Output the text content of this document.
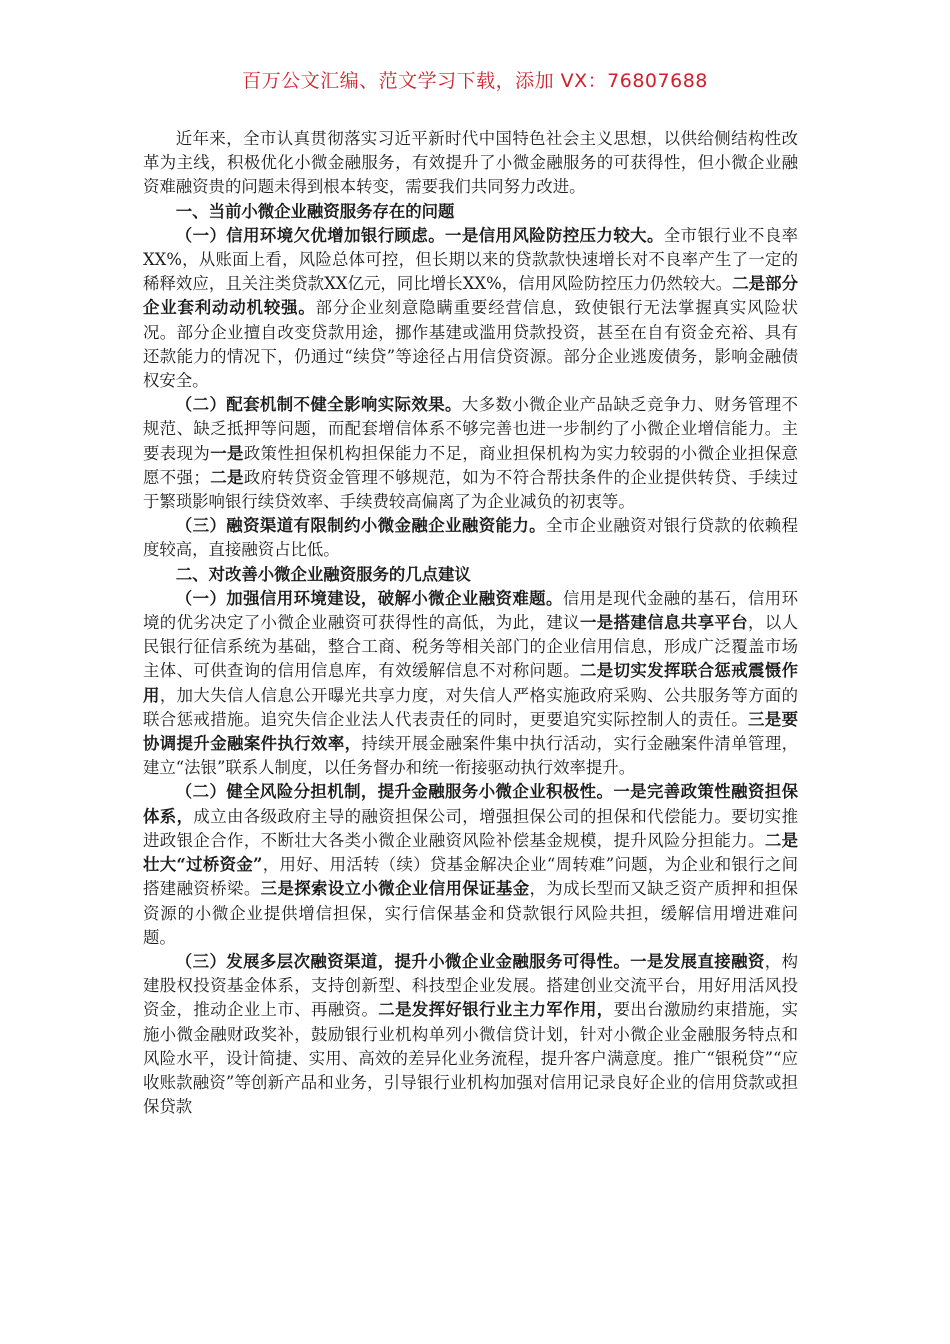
百万公文汇编、范文学习下载，添加 VX：76807688

近年来，全市认真贯彻落实习近平新时代中国特色社会主义思想，以供给侧结构性改革为主线，积极优化小微金融服务，有效提升了小微金融服务的可获得性，但小微企业融资难融资贵的问题未得到根本转变，需要我们共同努力改进。

一、当前小微企业融资服务存在的问题

（一）信用环境欠优增加银行顾虑。一是信用风险防控压力较大。全市银行业不良率XX%，从账面上看，风险总体可控，但长期以来的贷款款快速增长对不良率产生了一定的稀释效应，且关注类贷款XX亿元，同比增长XX%，信用风险防控压力仍然较大。二是部分企业套利动动机较强。部分企业刻意隐瞒重要经营信息，致使银行无法掌握真实风险状况。部分企业擅自改变贷款用途，挪作基建或滥用贷款投资，甚至在自有资金充裕、具有还款能力的情况下，仍通过“续贷”等途径占用信贷资源。部分企业逃废债务，影响金融债权安全。

（二）配套机制不健全影响实际效果。大多数小微企业产品缺乏竞争力、财务管理不规范、缺乏抵押等问题，而配套增信体系不够完善也进一步制约了小微企业增信能力。主要表现为一是政策性担保机构担保能力不足，商业担保机构为实力较弱的小微企业担保意愿不强；二是政府转贷资金管理不够规范，如为不符合帮扶条件的企业提供转贷、手续过于繁琐影响银行续贷效率、手续费较高偏离了为企业减负的初衷等。

（三）融资渠道有限制约小微金融企业融资能力。全市企业融资对银行贷款的依赖程度较高，直接融资占比低。

二、对改善小微企业融资服务的几点建议

（一）加强信用环境建设，破解小微企业融资难题。信用是现代金融的基石，信用环境的优劣决定了小微企业融资可获得性的高低，为此，建议一是搭建信息共享平台，以人民银行征信系统为基础，整合工商、税务等相关部门的企业信用信息，形成广泛覆盖市场主体、可供查询的信用信息库，有效缓解信息不对称问题。二是切实发挥联合惩戒震慑作用，加大失信人信息公开曝光共享力度，对失信人严格实施政府采购、公共服务等方面的联合惩戒措施。追究失信企业法人代表责任的同时，更要追究实际控制人的责任。三是要协调提升金融案件执行效率，持续开展金融案件集中执行活动，实行金融案件清单管理，建立“法银”联系人制度，以任务督办和统一衔接驱动执行效率提升。

（二）健全风险分担机制，提升金融服务小微企业积极性。一是完善政策性融资担保体系，成立由各级政府主导的融资担保公司，增强担保公司的担保和代偿能力。要切实推进政银企合作，不断壮大各类小微企业融资风险补偿基金规模，提升风险分担能力。二是壮大“过桥资金”，用好、用活转（续）贷基金解决企业“周转难”问题，为企业和银行之间搭建融资桥梁。三是探索设立小微企业信用保证基金，为成长型而又缺乏资产质押和担保资源的小微企业提供增信担保，实行信保基金和贷款银行风险共担，缓解信用增进难问题。

（三）发展多层次融资渠道，提升小微企业金融服务可得性。一是发展直接融资，构建股权投资基金体系，支持创新型、科技型企业发展。搭建创业交流平台，用好用活风投资金，推动企业上市、再融资。二是发挥好银行业主力军作用，要出台激励约束措施，实施小微金融财政奖补，鼓励银行业机构单列小微信贷计划，针对小微企业金融服务特点和风险水平，设计简捷、实用、高效的差异化业务流程，提升客户满意度。推广“银税贷”“应收账款融资”等创新产品和业务，引导银行业机构加强对信用记录良好企业的信用贷款或担保贷款
